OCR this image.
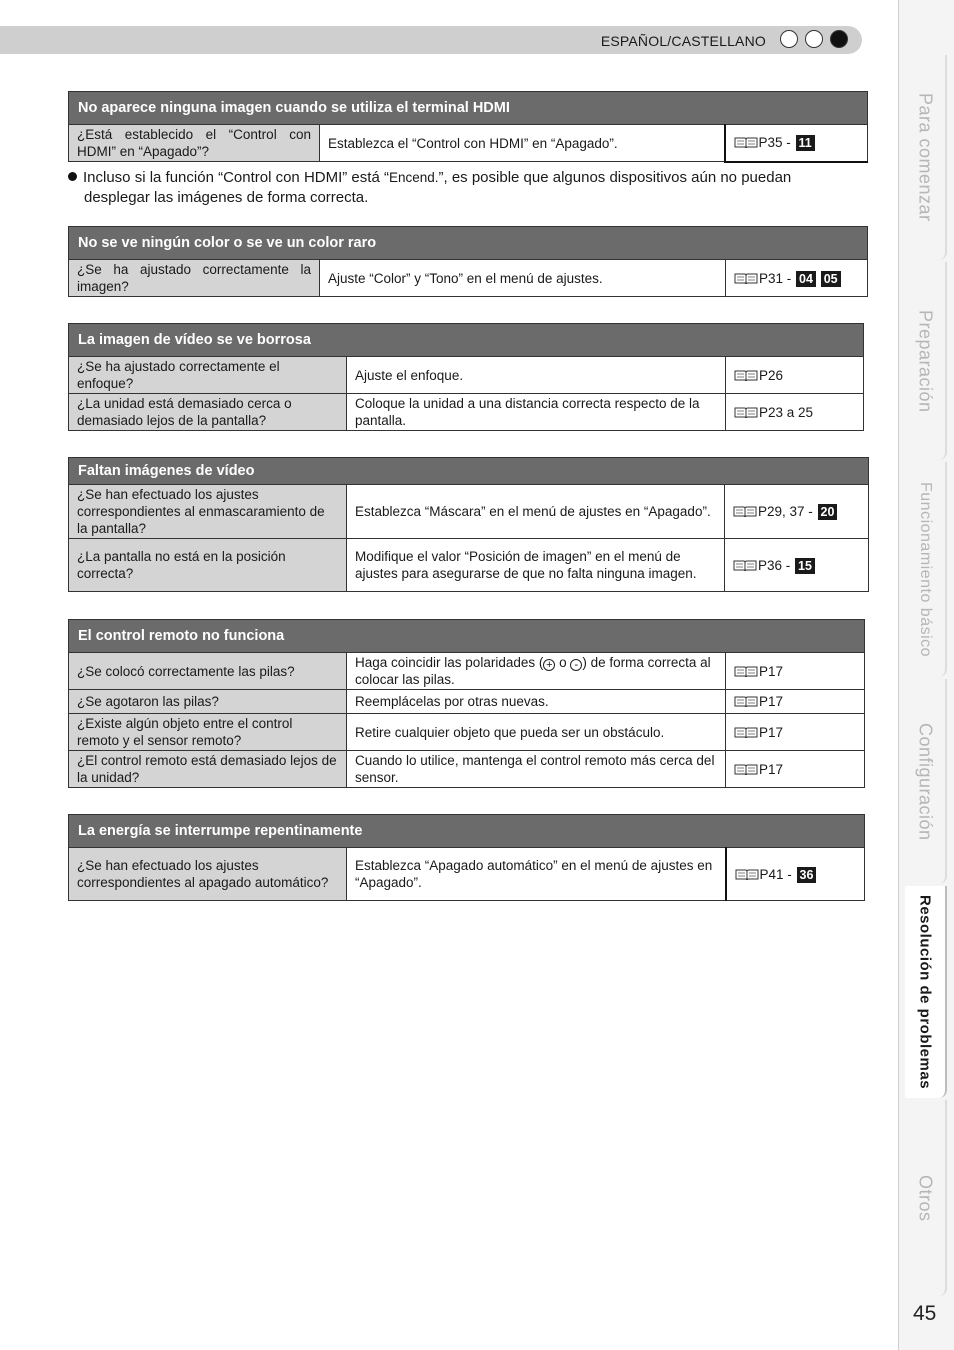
ESPAÑOL/CASTELLANO
No aparece ninguna imagen cuando se utiliza el terminal HDMI
¿Está establecido el “Control con HDMI” en “Apagado”?	Establezca el “Control con HDMI” en “Apagado”.	P35 - 11
Incluso si la función “Control con HDMI” está “Encend.”, es posible que algunos dispositivos aún no puedan
desplegar las imágenes de forma correcta.
No se ve ningún color o se ve un color raro
¿Se ha ajustado correctamente la imagen?	Ajuste “Color” y “Tono” en el menú de ajustes.	P31 - 04 05
La imagen de vídeo se ve borrosa		
¿Se ha ajustado correctamente el enfoque?	Ajuste el enfoque.	P26
¿La unidad está demasiado cerca o demasiado lejos de la pantalla?	Coloque la unidad a una distancia correcta respecto de la pantalla.	P23 a 25
Faltan imágenes de vídeo		
¿Se han efectuado los ajustes correspondientes al enmascaramiento de la pantalla?	Establezca “Máscara” en el menú de ajustes en “Apagado”.	P29, 37 - 20
¿La pantalla no está en la posición correcta?	Modifique el valor “Posición de imagen” en el menú de ajustes para asegurarse de que no falta ninguna imagen.	P36 - 15
El control remoto no funciona		
¿Se colocó correctamente las pilas?	Haga coincidir las polaridades ( + o - ) de forma correcta al colocar las pilas.	P17
¿Se agotaron las pilas?	Reemplácelas por otras nuevas.	P17
¿Existe algún objeto entre el control remoto y el sensor remoto?	Retire cualquier objeto que pueda ser un obstáculo.	P17
¿El control remoto está demasiado lejos de la unidad?	Cuando lo utilice, mantenga el control remoto más cerca del sensor.	P17
La energía se interrumpe repentinamente
¿Se han efectuado los ajustes correspondientes al apagado automático?	Establezca “Apagado automático” en el menú de ajustes en “Apagado”.	P41 - 36
Para comenzar
Preparación
Funcionamiento básico
Configuración
Resolución de problemas
Otros
45
